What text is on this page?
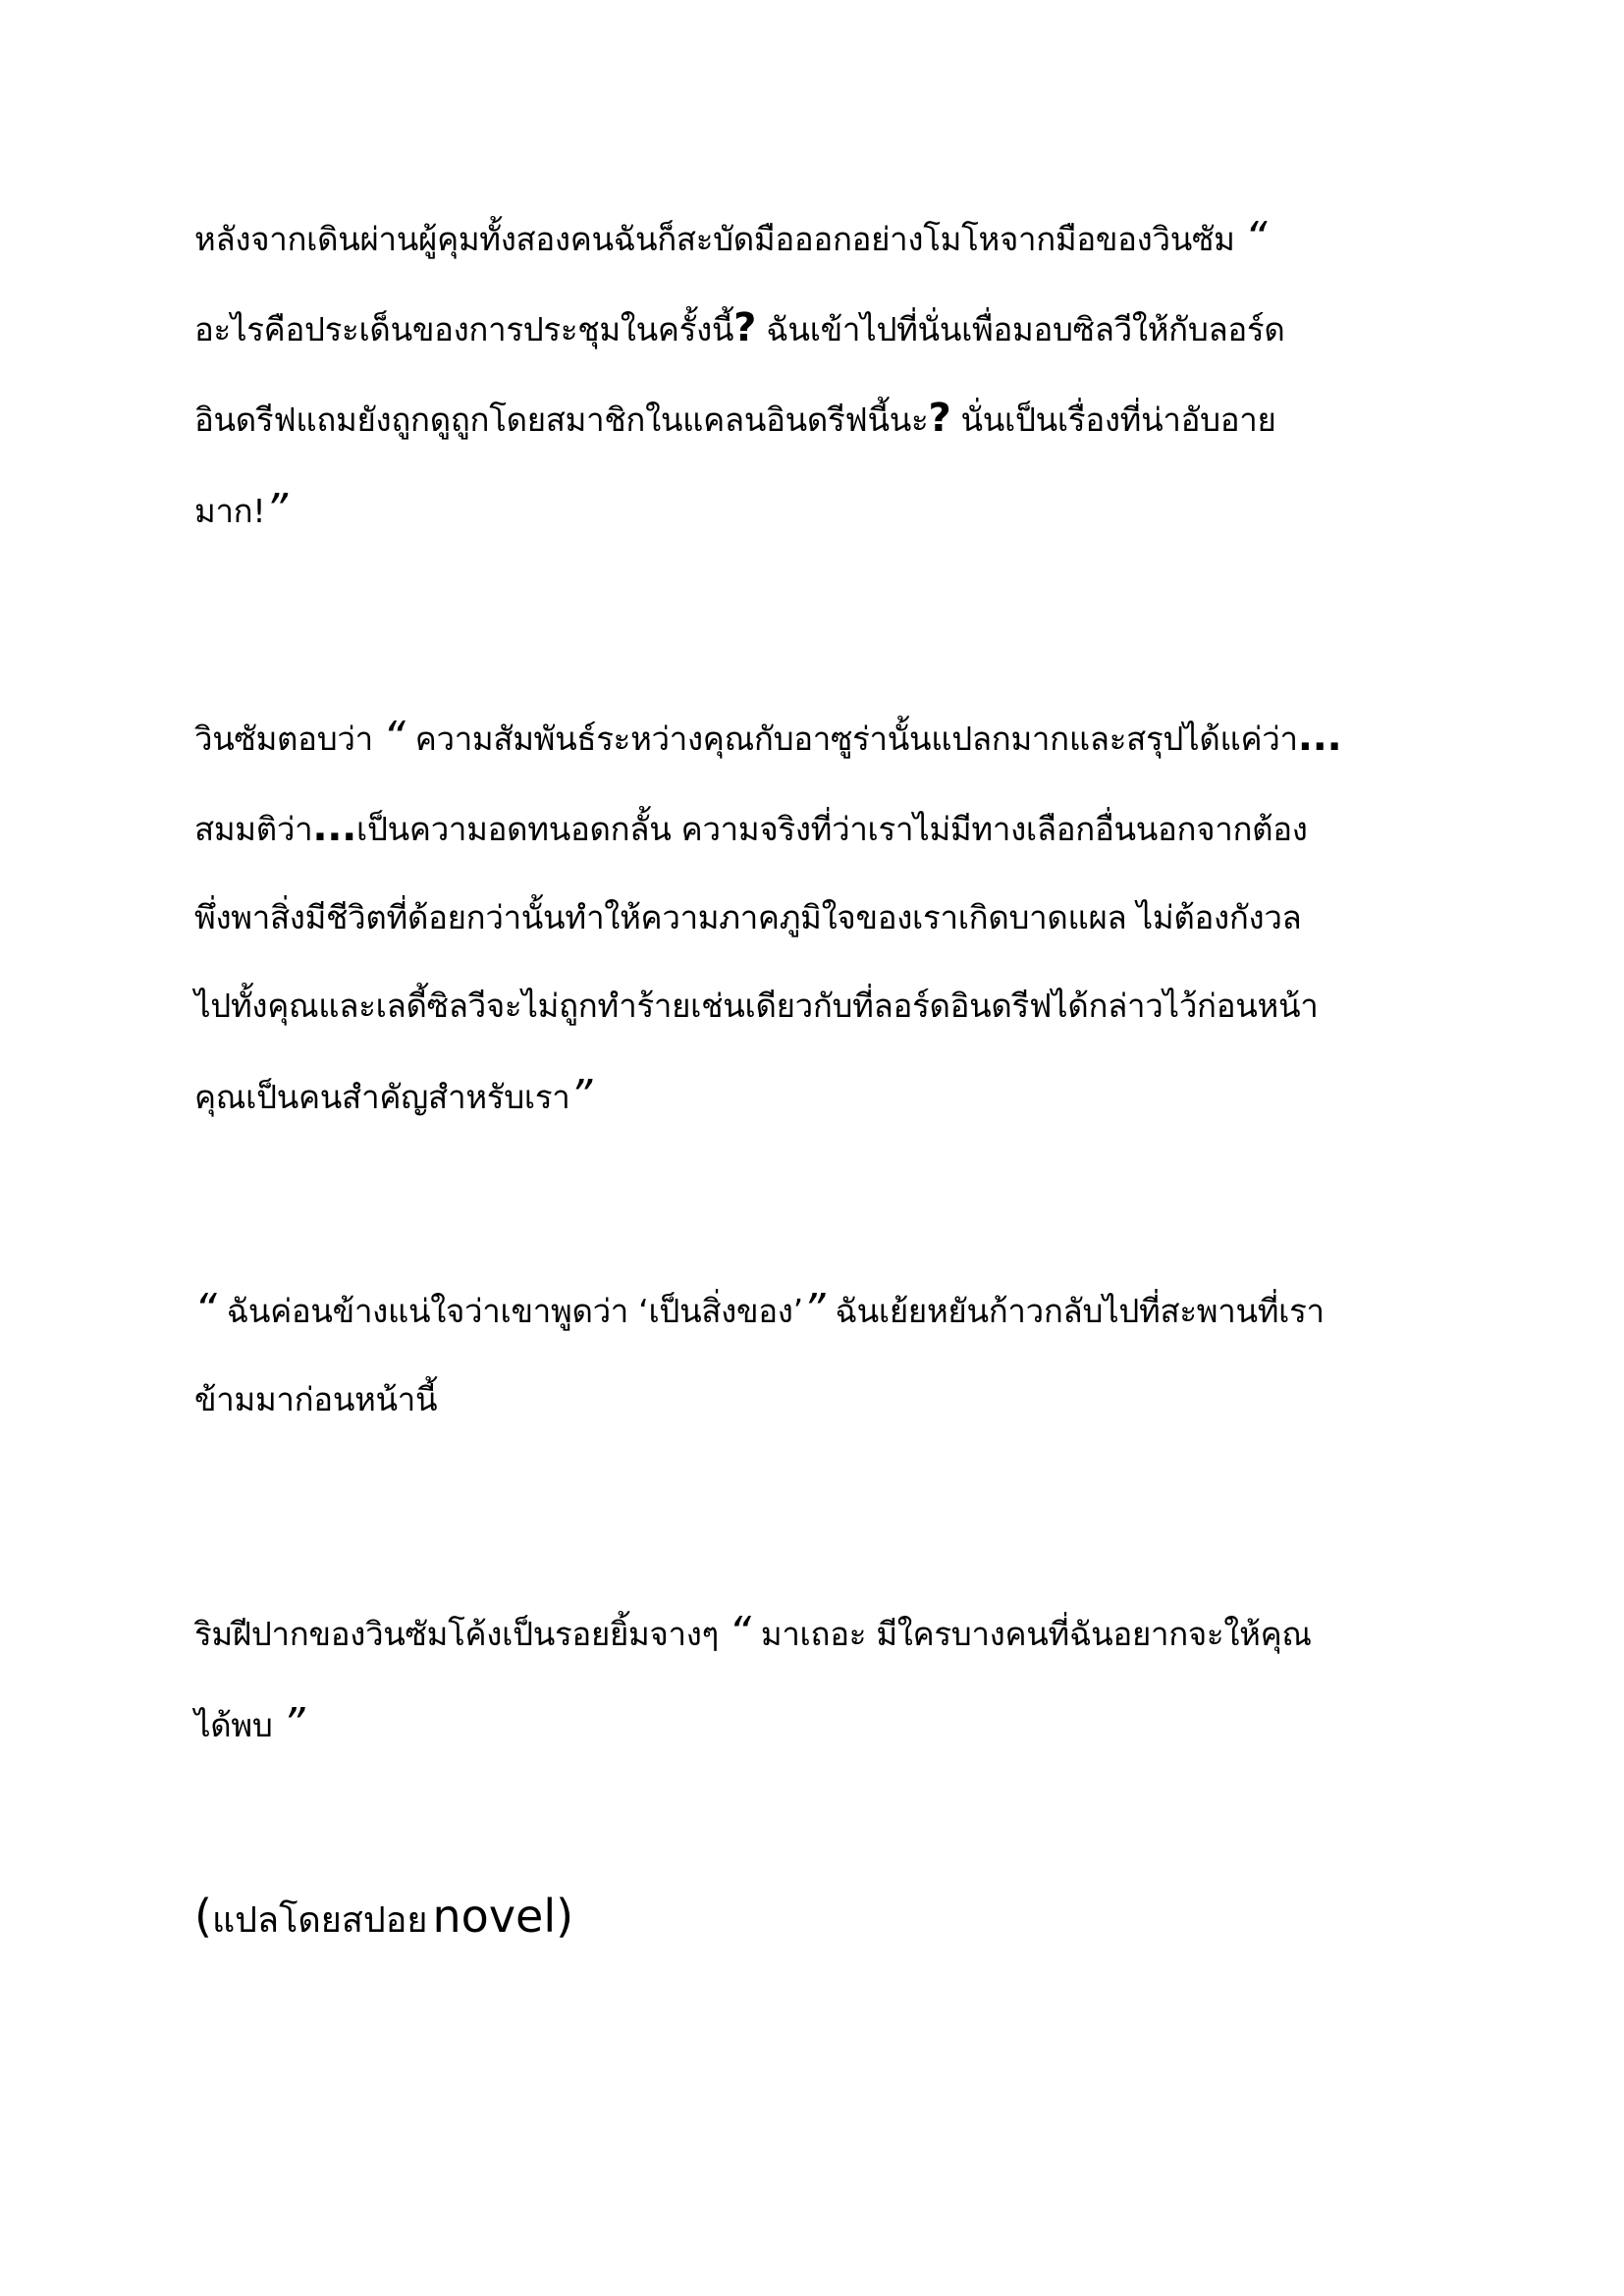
หลังจากเดินผ่านผู้คุมทั้งสองคนฉันก็สะบัดมือออกอย่างโมโหจากมือของวินซัม “
อะไรคือประเด็นของการประชุมในครั้งนี้? ฉันเข้าไปที่นั่นเพื่อมอบซิลวีให้กับลอร์ด
อินดรีฟแถมยังถูกดูถูกโดยสมาชิกในแคลนอินดรีฟนี้นะ? นั่นเป็นเรื่องที่น่าอับอาย
มาก!”
วินซัมตอบว่า “ ความสัมพันธ์ระหว่างคุณกับอาซูร่านั้นแปลกมากและสรุปได้แค่ว่า...
สมมติว่า...เป็นความอดทนอดกลั้น ความจริงที่ว่าเราไม่มีทางเลือกอื่นนอกจากต้อง
พึ่งพาสิ่งมีชีวิตที่ด้อยกว่านั้นทำให้ความภาคภูมิใจของเราเกิดบาดแผล ไม่ต้องกังวล
ไปทั้งคุณและเลดี้ซิลวีจะไม่ถูกทำร้ายเช่นเดียวกับที่ลอร์ดอินดรีฟได้กล่าวไว้ก่อนหน้า
คุณเป็นคนสำคัญสำหรับเรา”
“ ฉันค่อนข้างแน่ใจว่าเขาพูดว่า ‘เป็นสิ่งของ’” ฉันเย้ยหยันก้าวกลับไปที่สะพานที่เรา
ข้ามมาก่อนหน้านี้
ริมฝีปากของวินซัมโค้งเป็นรอยยิ้มจางๆ “ มาเถอะ มีใครบางคนที่ฉันอยากจะให้คุณ
ได้พบ ”

(แปลโดยสปอย novel)
